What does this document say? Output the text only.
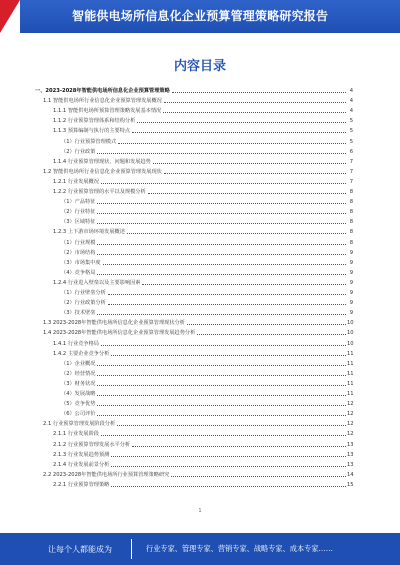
智能供电场所信息化企业预算管理策略研究报告
内容目录
一、2023-2028年智能供电场所信息化企业预算管理策略	4
1.1 智能供电场所行业信息化企业预算管理发展概况	4
1.1.1 智能供电场所预算管理策略发展基本情况	4
1.1.2 行业预算管理体系和结构分析	5
1.1.3 预算编制与执行的主要特点	5
（1）行业预算管理模式	5
（2）行业政策	6
1.1.4 行业预算管理现状、问题和发展趋势	7
1.2 智能供电场所行业信息化企业预算管理发展现状	7
1.2.1 行业发展概况	7
1.2.2 行业预算管理的水平以及规模分析	8
（1）产品特征	8
（2）行业特征	8
（3）区域特征	8
1.2.3 上下游市场环境发展概述	8
（1）行业规模	8
（2）市场结构	9
（3）市场集中度	9
（4）竞争格局	9
1.2.4 行业进入壁垒以及主要影响因素	9
（1）行业壁垒分析	9
（2）行业政策分析	9
（3）技术壁垒	9
1.3 2023-2028年智能供电场所信息化企业预算管理现状分析	10
1.4 2023-2028年智能供电场所信息化企业预算管理发展趋势分析	10
1.4.1 行业竞争格局	10
1.4.2 主要企业竞争分析	11
（1）企业概况	11
（2）经营情况	11
（3）财务状况	11
（4）发展战略	11
（5）竞争优势	12
（6）公司评价	12
2.1 行业预算管理发展阶段分析	12
2.1.1 行业发展阶段	12
2.1.2 行业预算管理发展水平分析	13
2.1.3 行业发展趋势预测	13
2.1.4 行业发展前景分析	13
2.2 2023-2028年智能供电场所行业预算管理策略研究	14
2.2.1 行业预算管理策略	15
1
让每个人都能成为	行业专家、管理专家、营销专家、战略专家、成本专家……
